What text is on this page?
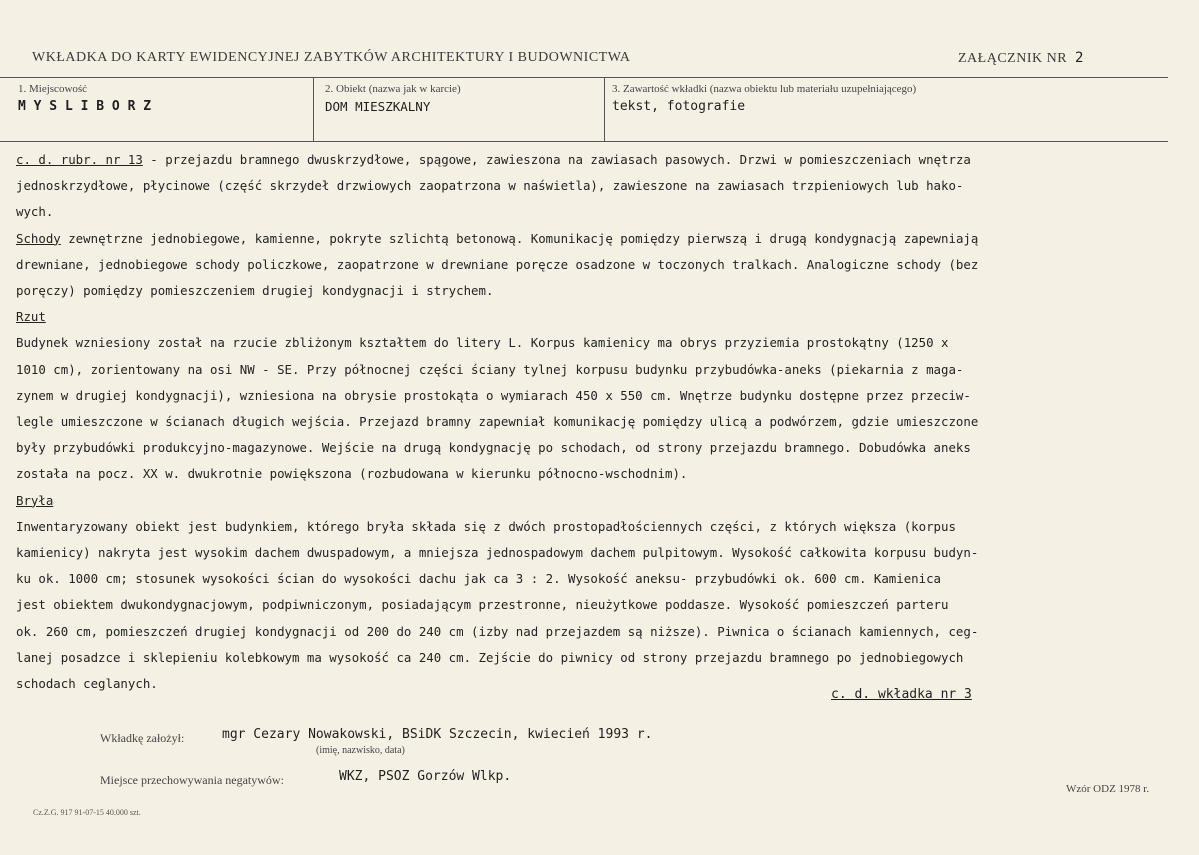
WKŁADKA DO KARTY EWIDENCYJNEJ ZABYTKÓW ARCHITEKTURY I BUDOWNICTWA	ZAŁĄCZNIK NR 2
1. Miejscowość
M Y S L I B O R Z
2. Obiekt (nazwa jak w karcie)
DOM MIESZKALNY
3. Zawartość wkładki (nazwa obiektu lub materiału uzupełniającego)
tekst, fotografie
c. d. rubr. nr 13 - przejazdu bramnego dwuskrzydłowe, spągowe, zawieszona na zawiasach pasowych. Drzwi w pomieszczeniach wnętrza
jednoskrzydłowe, płycinowe (część skrzydeł drzwiowych zaopatrzona w naświetla), zawieszone na zawiasach trzpieniowych lub hako-
wych.
Schody zewnętrzne jednobiegowe, kamienne, pokryte szlichtą betonową. Komunikację pomiędzy pierwszą i drugą kondygnacją zapewniają
drewniane, jednobiegowe schody policzkowe, zaopatrzone w drewniane poręcze osadzone w toczonych tralkach. Analogiczne schody (bez
poręczy) pomiędzy pomieszczeniem drugiej kondygnacji i strychem.
Rzut
Budynek wzniesiony został na rzucie zbliżonym kształtem do litery L. Korpus kamienicy ma obrys przyziemia prostokątny (1250 x
1010 cm), zorientowany na osi NW - SE. Przy północnej części ściany tylnej korpusu budynku przybudówka-aneks (piekarnia z maga-
zynem w drugiej kondygnacji), wzniesiona na obrysie prostokąta o wymiarach 450 x 550 cm. Wnętrze budynku dostępne przez przeciw-
legle umieszczone w ścianach długich wejścia. Przejazd bramny zapewniał komunikację pomiędzy ulicą a podwórzem, gdzie umieszczone
były przybudówki produkcyjno-magazynowe. Wejście na drugą kondygnację po schodach, od strony przejazdu bramnego. Dobudówka aneks
została na pocz. XX w. dwukrotnie powiększona (rozbudowana w kierunku północno-wschodnim).
Bryła
Inwentaryzowany obiekt jest budynkiem, którego bryła składa się z dwóch prostopadłościennych części, z których większa (korpus
kamienicy) nakryta jest wysokim dachem dwuspadowym, a mniejsza jednospadowym dachem pulpitowym. Wysokość całkowita korpusu budyn-
ku ok. 1000 cm; stosunek wysokości ścian do wysokości dachu jak ca 3 : 2. Wysokość aneksu- przybudówki ok. 600 cm. Kamienica
jest obiektem dwukondygnacjowym, podpiwniczonym, posiadającym przestronne, nieużytkowe poddasze. Wysokość pomieszczeń parteru
ok. 260 cm, pomieszczeń drugiej kondygnacji od 200 do 240 cm (izby nad przejazdem są niższe). Piwnica o ścianach kamiennych, ceg-
lanej posadzce i sklepieniu kolebkowym ma wysokość ca 240 cm. Zejście do piwnicy od strony przejazdu bramnego po jednobiegowych
schodach ceglanych.
c. d. wkładka nr 3
Wkładkę założył:	mgr Cezary Nowakowski, BSiDK Szczecin, kwiecień 1993 r.
(imię, nazwisko, data)
Miejsce przechowywania negatywów:	WKZ, PSOZ Gorzów Wlkp.
Wzór ODZ 1978 r.
Cz.Z.G. 917 91-07-15 40.000 szt.
